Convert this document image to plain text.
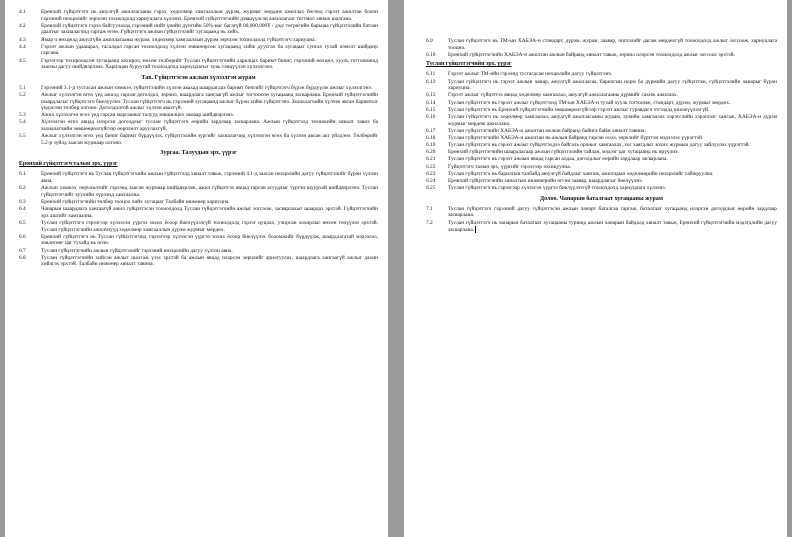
4.1	Ерөнхий гүйцэтгэгч нь аюулгүй ажиллагааны гэрээ, хөдөлмөр хамгааллын дүрэм, журмыг мөрдөж ажиллах бөгөөд гэрээт ажилтан болон гэрээний нөхцөлийг зөрчсөн тохиолдолд хариуцлага хүлээнэ. Ерөнхий гүйцэтгэгчийн дэвшүүлсэн ажиллагааг тогтмол хянаж шалгана.
4.2	Ерөнхий гүйцэтгэгч гэрээ байгуулахад гэрээний нийт үнийн дүнгийн 50%-иас багагүй 00,000,000₮ / дэд/ төгрөгийн барьцаа гүйцэтгэлийн батлан даалтыг захиалагчид гаргаж өгнө. Гүйцэтгэгч ажлын гүйцэтгэлийг хугацаанд нь хийх.
4.3	Ямар ч нөхцөлд аюулгүйн ажиллагааны журам, хөдөлмөр хамгааллын дүрэм зөрчсөн тохиолдолд гүйцэтгэгч хариуцна.
4.4	Гэрээт ажлын удаашрал, тасалдал гарсан тохиолдолд хүлээн зөвшөөрсөн хугацаанд хийж дуусгах ба хугацааг сунгах тухай нэмэлт шийдвэр гаргана.
4.5	Гэрээгээр тохиролцсон хугацаанд хохирол, нөхөн төлбөрийг Туслан гүйцэтгэгчийн харилцах баримт бичиг, гэрээний нөхцөл, хууль тогтоомжид заасны дагуу шийдвэрлэнэ. Харилцан буруутай тохиолдолд хариуцлагыг хувь тэнцүүлэн хүлээлгэнэ.
Тав. Гүйцэтгэсэн ажлын хүлээлгэн журам
5.1	Гэрээний 3.1-д тусгасан ажлын хэмжээ, гүйцэтгэлийн хүлээн авахад шаардагдах баримт бичгийг гүйцэтгэгч бүрэн бүрдүүлж ажлыг хүлээлгэнэ.
5.2	Ажлыг хүлээлгэн өгөх үед ажилд гарсан доголдол, зөрчил, шаардлага хангаагүй ажлыг тогтоосон хугацаанд засварлана. Ерөнхий гүйцэтгэгчийн шаардлагыг гүйцэтгэгч биелүүлнэ. Туслан гүйцэтгэгч нь гэрээний хугацаанд ажлыг бүрэн хийж гүйцэтгэнэ. Захиалагчийн хүлээн авсан баримтыг үндэслэн төлбөр олгоно. Доголдолтой ажлыг хүлээн авахгүй.
5.3	Ажил хүлээлгэн өгөх үед гарсан маргааныг талууд зөвшилцөх замаар шийдвэрлэнэ.
5.4	Хүлээлгэн өгөх явцад илэрсэн доголдлыг туслан гүйцэтгэгч өөрийн зардлаар засварлана. Ажлын гүйцэтгэлд техникийн хяналт тавих ба захиалагчийн зөвшөөрөлгүйгээр өөрчлөлт оруулахгүй.
5.5	Ажлыг хүлээлгэн өгөх үед бичиг баримт бүрдүүлэх, гүйцэтгэлийн зургийг захиалагчид хүлээлгэн өгөх ба хүлээн авсан акт үйлдэнэ. Төлбөрийг 5.2-р зүйлд заасан журмаар олгоно.
Зургаа. Талуудын эрх, үүрэг
Ерөнхий гүйцэтгэгч талын эрх, үүрэг
6.1	Ерөнхий гүйцэтгэгч нь Туслан гүйцэтгэгчийн ажлын гүйцэтгэлд хяналт тавьж, гэрээний 4.1-д заасан нөхцөлийн дагуу гүйцэтгэлийг бүрэн хүлээн авна.
6.2	Ажлын хэмжээ, өөрчлөлтийг гэрээнд заасан журмаар шийдвэрлэж, ажил гүйцэтгэх явцад гарсан асуудлыг түргэн шуурхай шийдвэрлэнэ. Туслан гүйцэтгэгчийг хуулийн хүрээнд хамгаална.
6.3	Ерөнхий гүйцэтгэгчийн төлбөр тооцоо хийх хугацааг Талбайн инженер хариуцна.
6.4	Чанарын шаардлага хангаагүй ажил гүйцэтгэсэн тохиолдолд Туслан гүйцэтгэгчийн ажлыг зогсоож, засварлахыг шаардах эрхтэй. Гүйцэтгэгчийн эрх ашгийг хамгаална.
6.5	Туслан гүйцэтгэгч гэрээгээр хүлээсэн үүргээ зохих ёсоор биелүүлээгүй тохиолдолд гэрээг цуцлах, учирсан хохирлыг нөхөн төлүүлэх эрхтэй. Туслан гүйцэтгэгчийн ажилтнууд хөдөлмөр хамгааллын дүрэм журмыг мөрдөх.
6.6	Ерөнхий гүйцэтгэгч нь Туслан гүйцэтгэгчид гэрээгээр хүлээсэн үүргээ зохих ёсоор биелүүлэх боломжийг бүрдүүлж, шаардлагатай мэдээлэл, зөвлөгөөг цаг тухайд нь өгнө.
6.7	Туслан гүйцэтгэгчийн ажлын гүйцэтгэлийг гэрээний нөхцөлийн дагуу хүлээн авна.
6.8	Туслан гүйцэтгэгчийн хийсэн ажлыг шалгаж үзэх эрхтэй ба ажлын явцад илэрсэн зөрчлийг арилгуулах, шаардлага хангаагүй ажлыг дахин хийлгэх эрхтэй. Талбайн инженер хяналт тавина.
6.9	Туслан гүйцэтгэгч нь ТМ-ын ХАБЭА-н стандарт, дүрэм, журам, заавар, чиглэлийг дагаж мөрдөхгүй тохиолдолд ажлыг зогсоож, хариуцлага тооцно.
6.10	Ерөнхий гүйцэтгэгчийн ХАБЭА-н ажилтан ажлын байранд хяналт тавьж, зөрчил илэрсэн тохиолдолд ажлыг зогсоох эрхтэй.
Туслан гүйцэтгэгчийн эрх, үүрэг
6.11	Гэрээт ажлыг ТМ-ийн гэрээнд тусгагдсан нөхцөлийн дагуу гүйцэтгэнэ.
6.12	Туслан гүйцэтгэгч нь гэрээт ажлын чанар, аюулгүй ажиллагаа, барилгын норм ба дүрмийн дагуу гүйцэтгэж, гүйцэтгэлийн чанарыг бүрэн хариуцна.
6.13	Гэрээт ажлыг гүйцэтгэх явцад хөдөлмөр хамгаалал, аюулгүй ажиллагааны дүрмийг сахиж ажиллах.
6.14	Туслан гүйцэтгэгч нь гэрээт ажлыг гүйцэтгэхэд ТМ-ын ХАБЭА-н тухай хууль тогтоомж, стандарт, дүрэм, журмыг мөрдөх.
6.15	Туслан гүйцэтгэгч нь Ерөнхий гүйцэтгэгчийн зөвшөөрөлгүйгээр гэрээт ажлыг гуравдагч этгээдэд шилжүүлэхгүй.
6.16	Туслан гүйцэтгэгч нь хөдөлмөр хамгаалал, аюулгүй ажиллагааны журам, хувийн хамгаалах хэрэгслийн хэрэглээг хангаж, ХАБЭА-н дүрэм журмыг мөрдөж ажиллана.
6.17	Туслан гүйцэтгэгчийн ХАБЭА-н ажилтан ажлын байранд байнга байж хяналт тавина.
6.18	Туслан гүйцэтгэгчийн ХАБЭА-н ажилтан нь ажлын байранд гарсан осол, зөрчлийг бүртгэн мэдээлэх үүрэгтэй.
6.19	Туслан гүйцэтгэгч нь гэрээт ажлыг гүйцэтгэхдээ байгаль орчныг хамгаалах, хог хаягдлыг зохих журмын дагуу зайлуулах үүрэгтэй.
6.20	Ерөнхий гүйцэтгэгчийн шаардлагаар ажлын гүйцэтгэлийн тайлан, мэдээг цаг хугацаанд нь ирүүлнэ.
6.21	Туслан гүйцэтгэгч нь гэрээт ажлын явцад гарсан алдаа, доголдлыг өөрийн зардлаар засварлана.
6.22	Гүйцэтгэгч талын эрх, үүргийг гэрээгээр зохицуулна.
6.23	Туслан гүйцэтгэгч нь барилгын талбайд аюулгүй байдлыг хангаж, ажилчдын хөдөлмөрийн нөхцөлийг сайжруулна.
6.24	Ерөнхий гүйцэтгэгчийн хяналтын инженерийн өгсөн заавар, шаардлагыг биелүүлнэ.
6.25	Туслан гүйцэтгэгч нь гэрээгээр хүлээсэн үүргээ биелүүлээгүй тохиолдолд хариуцлага хүлээнэ.
Долоо. Чанарын баталгаат хугацааны журам
7.1	Туслан гүйцэтгэгч гэрээний дагуу гүйцэтгэсэн ажлын чанарт баталгаа гаргаж, баталгаат хугацаанд илэрсэн доголдлыг өөрийн зардлаар засварлана.
7.2	Туслан гүйцэтгэгч нь чанарын баталгаат хугацааны туршид ажлын чанарын байдалд хяналт тавьж, Ерөнхий гүйцэтгэгчийн мэдэгдлийн дагуу засварлана.
